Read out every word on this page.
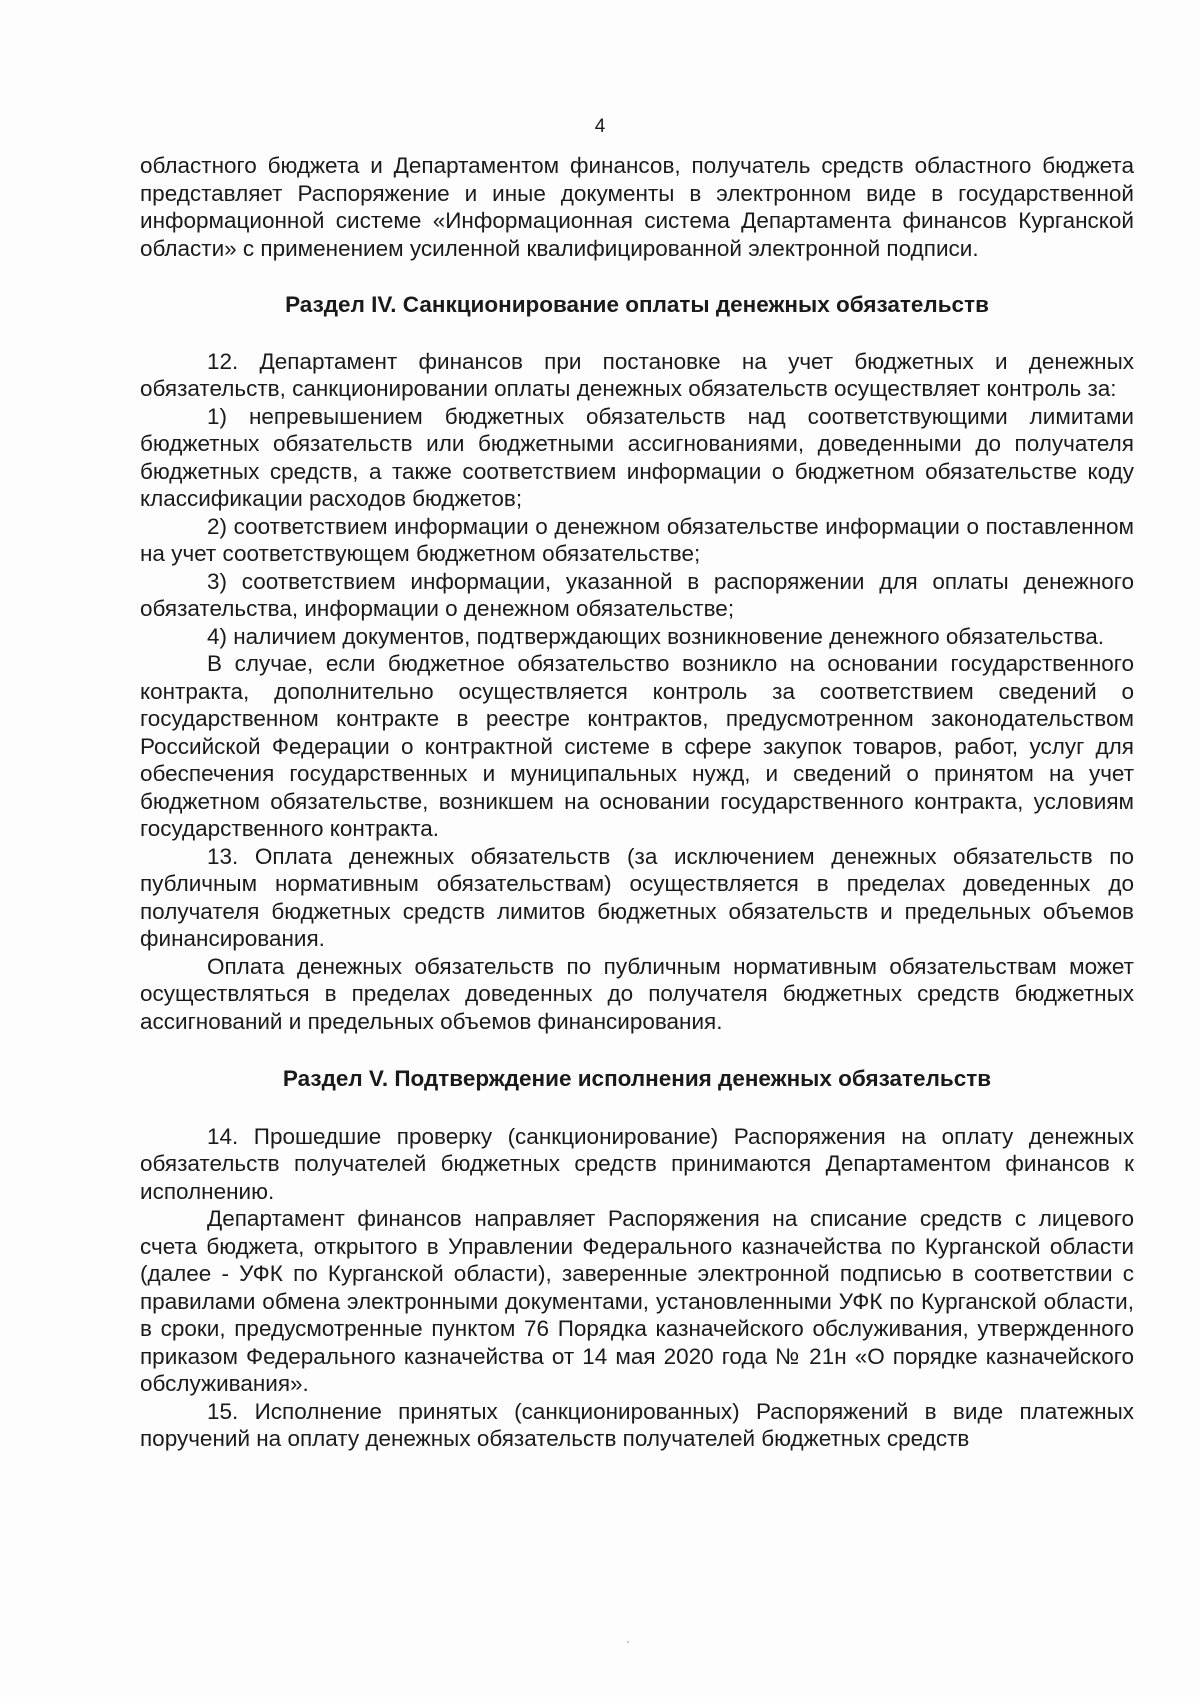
4

областного бюджета и Департаментом финансов, получатель средств областного бюджета представляет Распоряжение и иные документы в электронном виде в государственной информационной системе «Информационная система Департамента финансов Курганской области» с применением усиленной квалифицированной электронной подписи.

Раздел IV. Санкционирование оплаты денежных обязательств

12. Департамент финансов при постановке на учет бюджетных и денежных обязательств, санкционировании оплаты денежных обязательств осуществляет контроль за:

1) непревышением бюджетных обязательств над соответствующими лимитами бюджетных обязательств или бюджетными ассигнованиями, доведенными до получателя бюджетных средств, а также соответствием информации о бюджетном обязательстве коду классификации расходов бюджетов;

2) соответствием информации о денежном обязательстве информации о поставленном на учет соответствующем бюджетном обязательстве;

3) соответствием информации, указанной в распоряжении для оплаты денежного обязательства, информации о денежном обязательстве;

4) наличием документов, подтверждающих возникновение денежного обязательства.

В случае, если бюджетное обязательство возникло на основании государственного контракта, дополнительно осуществляется контроль за соответствием сведений о государственном контракте в реестре контрактов, предусмотренном законодательством Российской Федерации о контрактной системе в сфере закупок товаров, работ, услуг для обеспечения государственных и муниципальных нужд, и сведений о принятом на учет бюджетном обязательстве, возникшем на основании государственного контракта, условиям государственного контракта.

13. Оплата денежных обязательств (за исключением денежных обязательств по публичным нормативным обязательствам) осуществляется в пределах доведенных до получателя бюджетных средств лимитов бюджетных обязательств и предельных объемов финансирования.

Оплата денежных обязательств по публичным нормативным обязательствам может осуществляться в пределах доведенных до получателя бюджетных средств бюджетных ассигнований и предельных объемов финансирования.

Раздел V. Подтверждение исполнения денежных обязательств

14. Прошедшие проверку (санкционирование) Распоряжения на оплату денежных обязательств получателей бюджетных средств принимаются Департаментом финансов к исполнению.

Департамент финансов направляет Распоряжения на списание средств с лицевого счета бюджета, открытого в Управлении Федерального казначейства по Курганской области (далее - УФК по Курганской области), заверенные электронной подписью в соответствии с правилами обмена электронными документами, установленными УФК по Курганской области, в сроки, предусмотренные пунктом 76 Порядка казначейского обслуживания, утвержденного приказом Федерального казначейства от 14 мая 2020 года № 21н «О порядке казначейского обслуживания».

15. Исполнение принятых (санкционированных) Распоряжений в виде платежных поручений на оплату денежных обязательств получателей бюджетных средств
